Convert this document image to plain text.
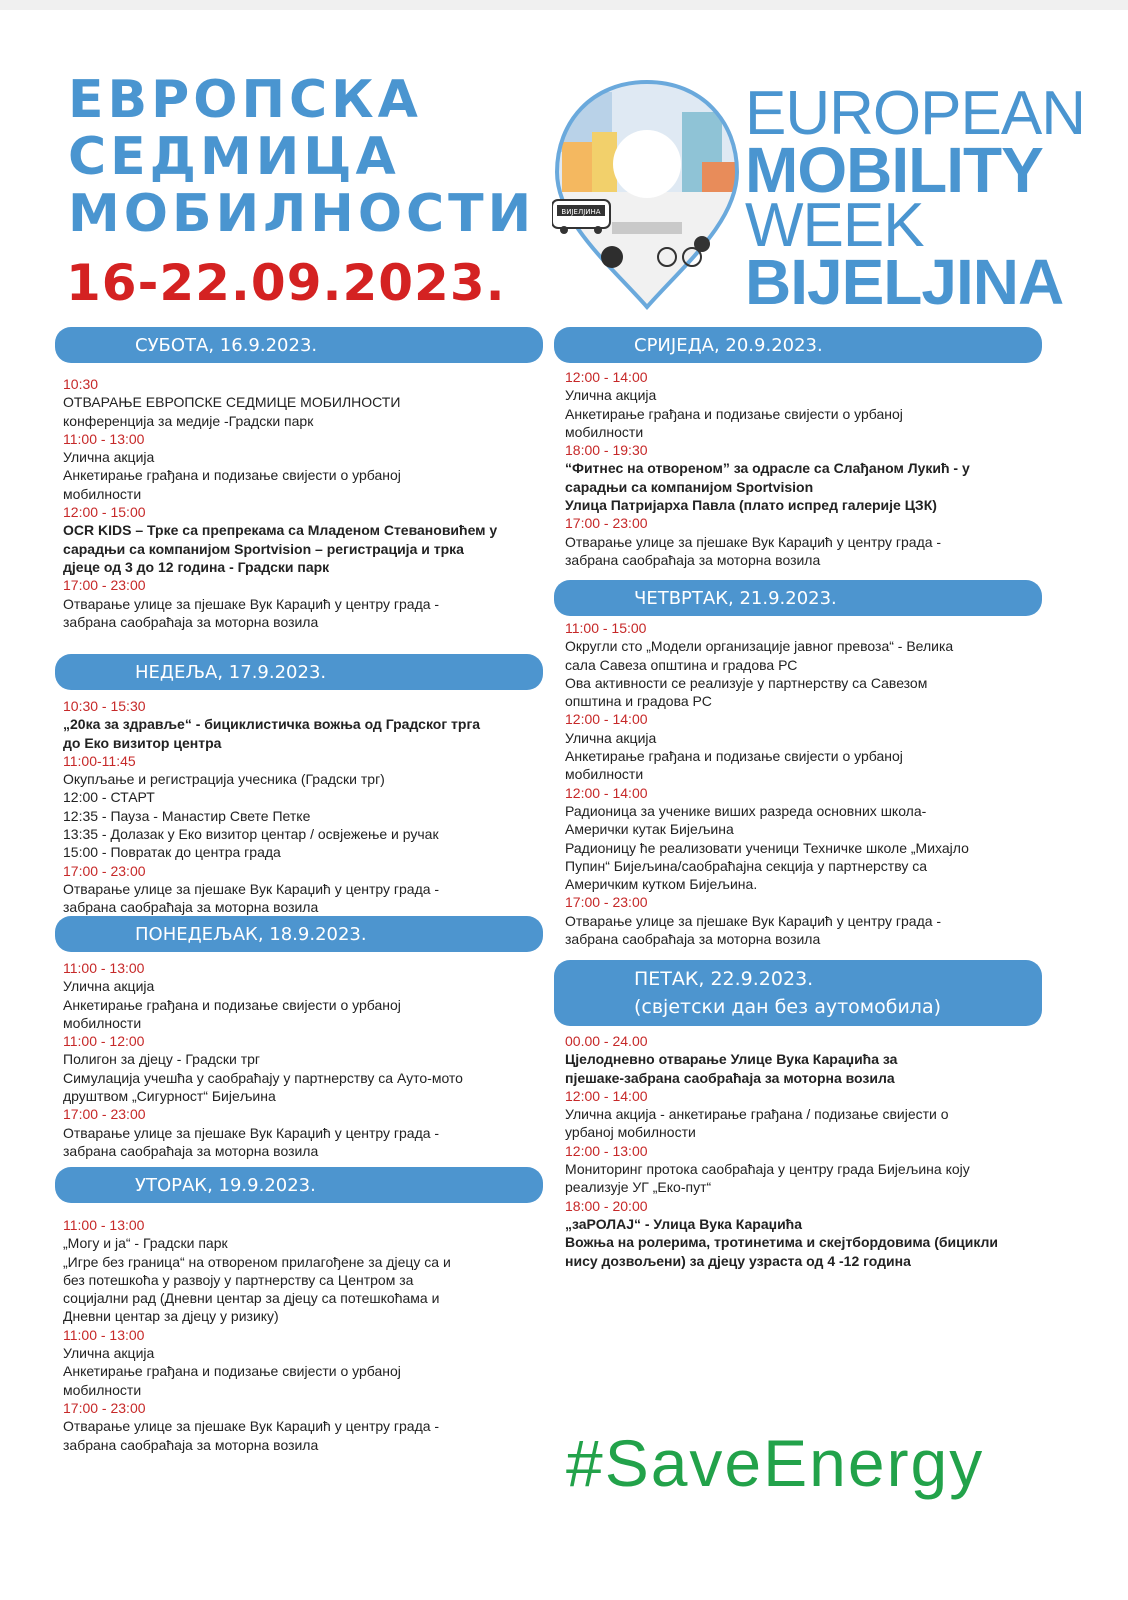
ЕВРОПСКА
СЕДМИЦА
МОБИЛНОСТИ
16-22.09.2023.
ВИЈЕЛЈИНА
EUROPEAN
MOBILITY
WEEK
BIJELJINA
СУБОТА, 16.9.2023.
10:30
ОТВАРАЊЕ ЕВРОПСКЕ СЕДМИЦЕ МОБИЛНОСТИ
конференција за медије -Градски парк
11:00 - 13:00
Улична акција
Анкетирање грађана и подизање свијести о урбаној
мобилности
12:00 - 15:00
OCR KIDS – Трке са препрекама са Младеном Стевановићем у
сарадњи са компанијом Sportvision – регистрација и трка
дјеце од 3 до 12 година - Градски парк
17:00 - 23:00
Отварање улице за пјешаке Вук Караџић у центру града -
забрана саобраћаја за моторна возила
НЕДЕЉА, 17.9.2023.
10:30 - 15:30
„20ка за здравље“ - бициклистичка вожња од Градског трга
до Еко визитор центра
11:00-11:45
Окупљање и регистрација учесника (Градски трг)
12:00 - СТАРТ
12:35 - Пауза - Манастир Свете Петке
13:35 - Долазак у Еко визитор центар / освјежење и ручак
15:00 - Повратак до центра града
17:00 - 23:00
Отварање улице за пјешаке Вук Караџић у центру града -
забрана саобраћаја за моторна возила
ПОНЕДЕЉАК, 18.9.2023.
11:00 - 13:00
Улична акција
Анкетирање грађана и подизање свијести о урбаној
мобилности
11:00 - 12:00
Полигон за дјецу - Градски трг
Симулација учешћа у саобраћају у партнерству са Ауто-мото
друштвом „Сигурност“ Бијељина
17:00 - 23:00
Отварање улице за пјешаке Вук Караџић у центру града -
забрана саобраћаја за моторна возила
УТОРАК, 19.9.2023.
11:00 - 13:00
„Могу и ја“ - Градски парк
„Игре без граница“ на отвореном прилагођене за дјецу са и
без потешкоћа у развоју у партнерству са Центром за
социјални рад (Дневни центар за дјецу са потешкоћама и
Дневни центар за дјецу у ризику)
11:00 - 13:00
Улична акција
Анкетирање грађана и подизање свијести о урбаној
мобилности
17:00 - 23:00
Отварање улице за пјешаке Вук Караџић у центру града -
забрана саобраћаја за моторна возила
СРИЈЕДА, 20.9.2023.
12:00 - 14:00
Улична акција
Анкетирање грађана и подизање свијести о урбаној
мобилности
18:00 - 19:30
“Фитнес на отвореном” за одрасле са Слађаном Лукић - у
сарадњи са компанијом Sportvision
Улица Патријарха Павла (плато испред галерије ЦЗК)
17:00 - 23:00
Отварање улице за пјешаке Вук Караџић у центру града -
забрана саобраћаја за моторна возила
ЧЕТВРТАК, 21.9.2023.
11:00 - 15:00
Округли сто „Модели организације јавног превоза“ - Велика
сала Савеза општина и градова РС
Ова активности се реализује у партнерству са Савезом
општина и градова РС
12:00 - 14:00
Улична акција
Анкетирање грађана и подизање свијести о урбаној
мобилности
12:00 - 14:00
Радионица за ученике виших разреда основних школа-
Амерички кутак Бијељина
Радионицу ће реализовати ученици Техничке школе „Михајло
Пупин“ Бијељина/саобраћајна секција у партнерству са
Америчким кутком Бијељина.
17:00 - 23:00
Отварање улице за пјешаке Вук Караџић у центру града -
забрана саобраћаја за моторна возила
ПЕТАК, 22.9.2023.
(свјетски дан без аутомобила)
00.00 - 24.00
Цјелодневно отварање Улице Вука Караџића за
пјешаке-забрана саобраћаја за моторна возила
12:00 - 14:00
Улична акција - анкетирање грађана / подизање свијести о
урбаној мобилности
12:00 - 13:00
Мониторинг протока саобраћаја у центру града Бијељина коју
реализује УГ „Еко-пут“
18:00 - 20:00
„заРОЛАЈ“ - Улица Вука Караџића
Вожња на ролерима, тротинетима и скејтбордовима (бицикли
нису дозвољени) за дјецу узраста од 4 -12 година
#SaveEnergy
